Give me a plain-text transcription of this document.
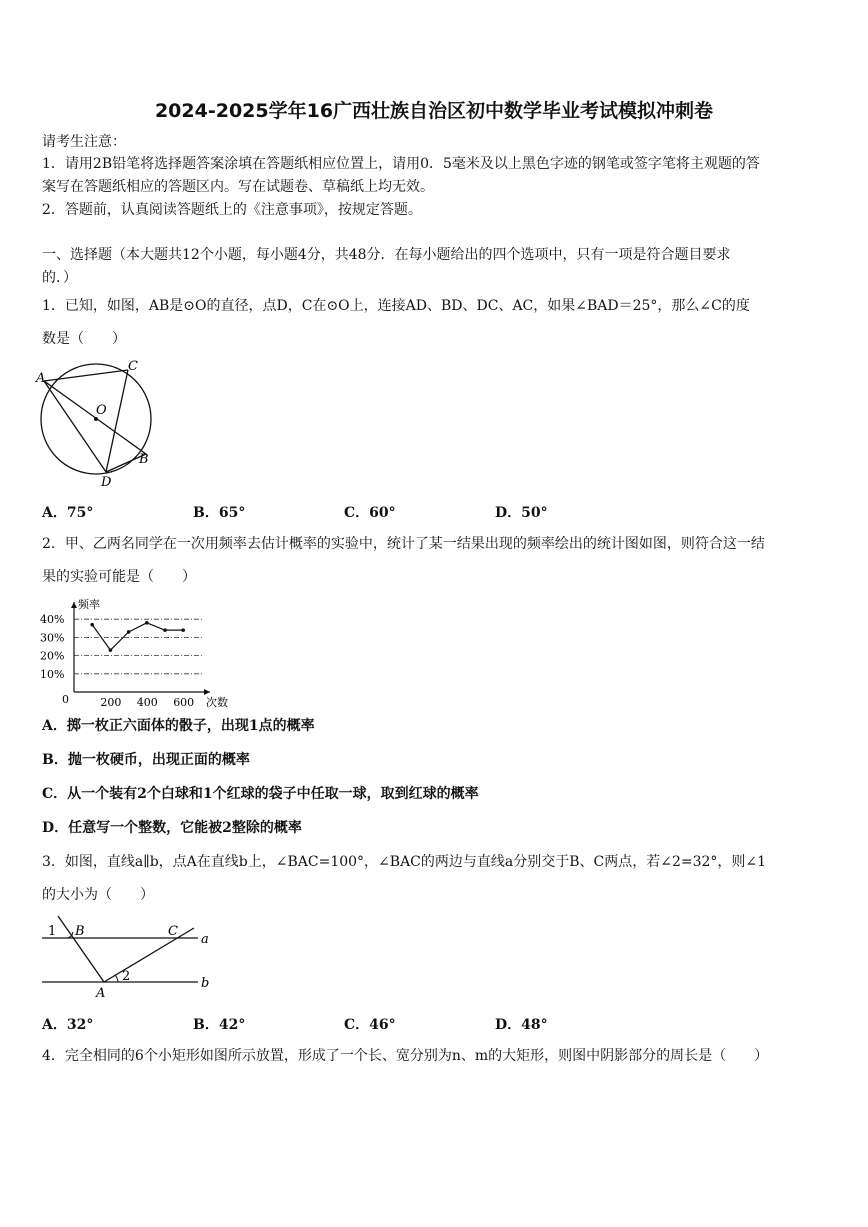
2024-2025学年16广西壮族自治区初中数学毕业考试模拟冲刺卷
请考生注意：
1．请用2B铅笔将选择题答案涂填在答题纸相应位置上，请用0．5毫米及以上黑色字迹的钢笔或签字笔将主观题的答
案写在答题纸相应的答题区内。写在试题卷、草稿纸上均无效。
2．答题前，认真阅读答题纸上的《注意事项》，按规定答题。
一、选择题（本大题共12个小题，每小题4分，共48分．在每小题给出的四个选项中，只有一项是符合题目要求
的．）
1．已知，如图，AB是⊙O的直径，点D，C在⊙O上，连接AD、BD、DC、AC，如果∠BAD＝25°，那么∠C的度
数是（　　）
A
C
O
B
D
A．75°	B．65°	C．60°	D．50°
2．甲、乙两名同学在一次用频率去估计概率的实验中，统计了某一结果出现的频率绘出的统计图如图，则符合这一结
果的实验可能是（　　）
10%
20%
30%
40%
频率
次数
0	200 400 600
A．掷一枚正六面体的骰子，出现1点的概率
B．抛一枚硬币，出现正面的概率
C．从一个装有2个白球和1个红球的袋子中任取一球，取到红球的概率
D．任意写一个整数，它能被2整除的概率
3．如图，直线a∥b，点A在直线b上，∠BAC=100°，∠BAC的两边与直线a分别交于B、C两点，若∠2=32°，则∠1
的大小为（　　）
1 B	C
a
2	b
A
A．32°	B．42°	C．46°	D．48°
4．完全相同的6个小矩形如图所示放置，形成了一个长、宽分别为n、m的大矩形，则图中阴影部分的周长是（　　）
